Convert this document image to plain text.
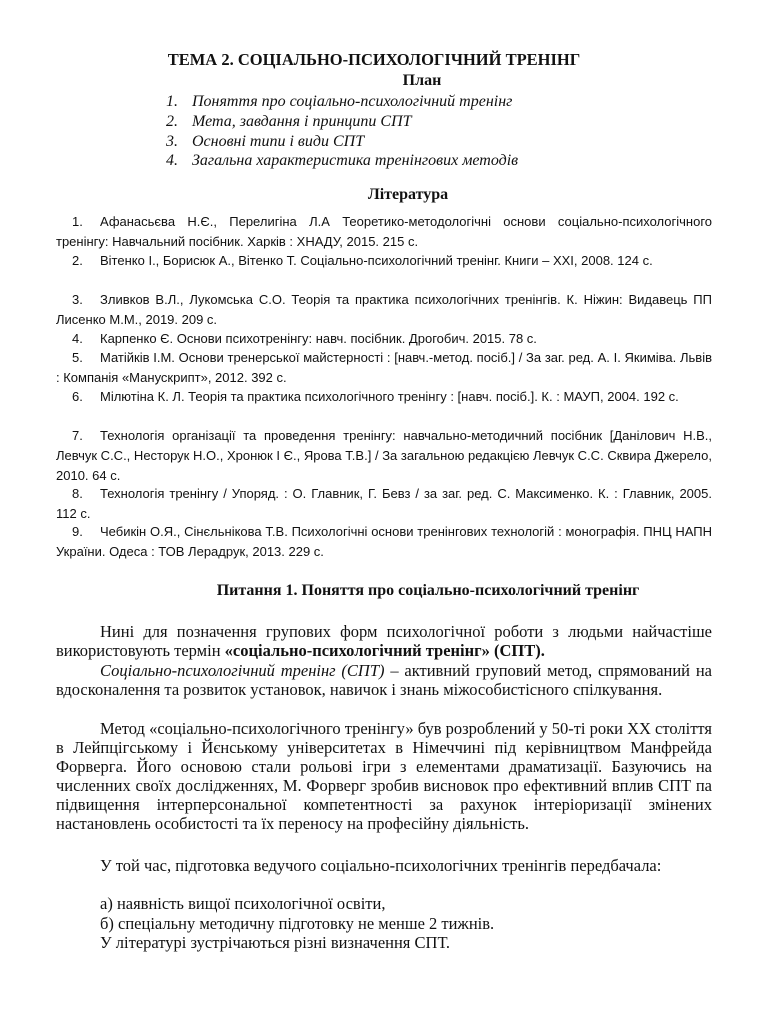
ТЕМА 2. СОЦІАЛЬНО-ПСИХОЛОГІЧНИЙ ТРЕНІНГ
План
1. Поняття про соціально-психологічний тренінг
2. Мета, завдання і принципи СПТ
3. Основні типи і види СПТ
4. Загальна характеристика тренінгових методів
Література
1. Афанасьєва Н.Є., Перелигіна Л.А Теоретико-методологічні основи соціально-психологічного тренінгу: Навчальний посібник. Харків : ХНАДУ, 2015. 215 с.
2. Вітенко І., Борисюк А., Вітенко Т. Соціально-психологічний тренінг. Книги – ХХІ, 2008. 124 с.
3. Зливков В.Л., Лукомська С.О. Теорія та практика психологічних тренінгів. К. Ніжин: Видавець ПП Лисенко М.М., 2019. 209 с.
4. Карпенко Є. Основи психотренінгу: навч. посібник. Дрогобич. 2015. 78 с.
5. Матійків І.М. Основи тренерської майстерності : [навч.-метод. посіб.] / За заг. ред. А. І. Якиміва. Львів : Компанія «Манускрипт», 2012. 392 с.
6. Мілютіна К. Л. Теорія та практика психологічного тренінгу : [навч. посіб.]. К. : МАУП, 2004. 192 с.
7. Технологія організації та проведення тренінгу: навчально-методичний посібник [Данілович Н.В., Левчук С.С., Несторук Н.О., Хронюк І Є., Ярова Т.В.] / За загальною редакцією Левчук С.С. Сквира Джерело, 2010. 64 с.
8. Технологія тренінгу / Упоряд. : О. Главник, Г. Бевз / за заг. ред. С. Максименко. К. : Главник, 2005. 112 с.
9. Чебикін О.Я., Сінєльнікова Т.В. Психологічні основи тренінгових технологій : монографія. ПНЦ НАПН України. Одеса : ТОВ Лерадрук, 2013. 229 с.
Питання 1. Поняття про соціально-психологічний тренінг
Нині для позначення групових форм психологічної роботи з людьми найчастіше використовують термін «соціально-психологічний тренінг» (СПТ).
Соціально-психологічний тренінг (СПТ) – активний груповий метод, спрямований на вдосконалення та розвиток установок, навичок і знань міжособистісного спілкування.
Метод «соціально-психологічного тренінгу» був розроблений у 50-ті роки ХХ століття в Лейпцігському і Йєнському університетах в Німеччині під керівництвом Манфрейда Форверга. Його основою стали рольові ігри з елементами драматизації. Базуючись на численних своїх дослідженнях, М. Форверг зробив висновок про ефективний вплив СПТ па підвищення інтерперсональної компетентності за рахунок інтеріоризації змінених настановлень особистості та їх переносу на професійну діяльність.
У той час, підготовка ведучого соціально-психологічних тренінгів передбачала:
а) наявність вищої психологічної освіти,
б) спеціальну методичну підготовку не менше 2 тижнів.
У літературі зустрічаються різні визначення СПТ.
